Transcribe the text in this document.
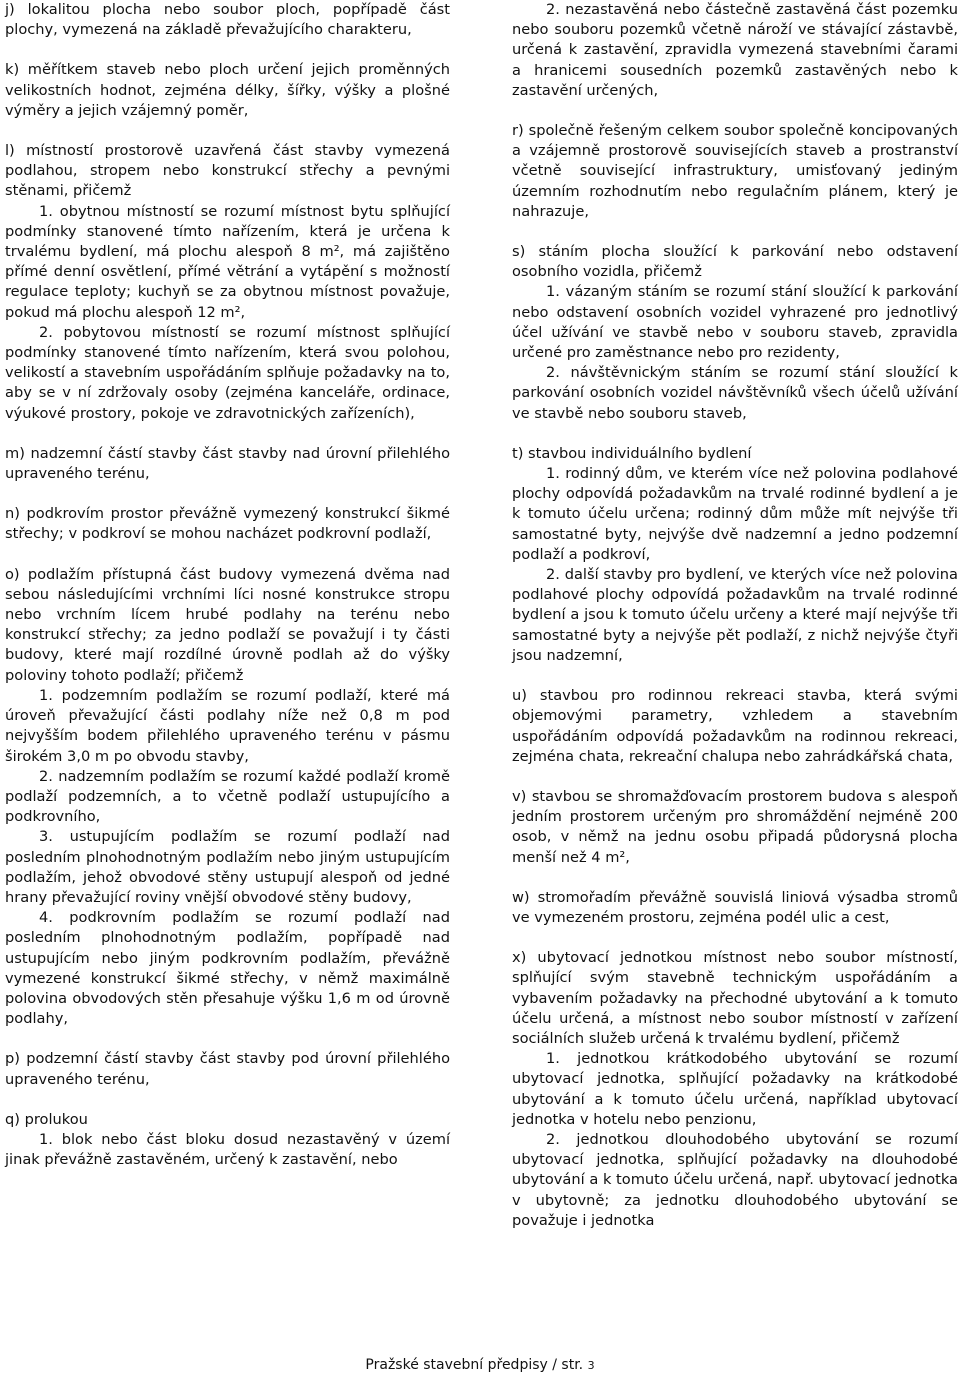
j) lokalitou plocha nebo soubor ploch, popřípadě část plochy, vymezená na základě převažujícího charakteru,

k) měřítkem staveb nebo ploch určení jejich proměnných velikostních hodnot, zejména délky, šířky, výšky a plošné výměry a jejich vzájemný poměr,

l) místností prostorově uzavřená část stavby vymezená podlahou, stropem nebo konstrukcí střechy a pevnými stěnami, přičemž

1. obytnou místností se rozumí místnost bytu splňující podmínky stanovené tímto nařízením, která je určena k trvalému bydlení, má plochu alespoň 8 m², má zajištěno přímé denní osvětlení, přímé větrání a vytápění s možností regulace teploty; kuchyň se za obytnou místnost považuje, pokud má plochu alespoň 12 m²,

2. pobytovou místností se rozumí místnost splňující podmínky stanovené tímto nařízením, která svou polohou, velikostí a stavebním uspořádáním splňuje požadavky na to, aby se v ní zdržovaly osoby (zejména kanceláře, ordinace, výukové prostory, pokoje ve zdravotnických zařízeních),

m) nadzemní částí stavby část stavby nad úrovní přilehlého upraveného terénu,

n) podkrovím prostor převážně vymezený konstrukcí šikmé střechy; v podkroví se mohou nacházet podkrovní podlaží,

o) podlažím přístupná část budovy vymezená dvěma nad sebou následujícími vrchními líci nosné konstrukce stropu nebo vrchním lícem hrubé podlahy na terénu nebo konstrukcí střechy; za jedno podlaží se považují i ty části budovy, které mají rozdílné úrovně podlah až do výšky poloviny tohoto podlaží; přičemž

1. podzemním podlažím se rozumí podlaží, které má úroveň převažující části podlahy níže než 0,8 m pod nejvyšším bodem přilehlého upraveného terénu v pásmu širokém 3,0 m po obvodu stavby,

2. nadzemním podlažím se rozumí každé podlaží kromě podlaží podzemních, a to včetně podlaží ustupujícího a podkrovního,

3. ustupujícím podlažím se rozumí podlaží nad posledním plnohodnotným podlažím nebo jiným ustupujícím podlažím, jehož obvodové stěny ustupují alespoň od jedné hrany převažující roviny vnější obvodové stěny budovy,

4. podkrovním podlažím se rozumí podlaží nad posledním plnohodnotným podlažím, popřípadě nad ustupujícím nebo jiným podkrovním podlažím, převážně vymezené konstrukcí šikmé střechy, v němž maximálně polovina obvodových stěn přesahuje výšku 1,6 m od úrovně podlahy,

p) podzemní částí stavby část stavby pod úrovní přilehlého upraveného terénu,

q) prolukou

1. blok nebo část bloku dosud nezastavěný v území jinak převážně zastavěném, určený k zastavění, nebo

2. nezastavěná nebo částečně zastavěná část pozemku nebo souboru pozemků včetně nároží ve stávající zástavbě, určená k zastavění, zpravidla vymezená stavebními čarami a hranicemi sousedních pozemků zastavěných nebo k zastavění určených,

r) společně řešeným celkem soubor společně koncipovaných a vzájemně prostorově souvisejících staveb a prostranství včetně související infrastruktury, umisťovaný jediným územním rozhodnutím nebo regulačním plánem, který je nahrazuje,

s) stáním plocha sloužící k parkování nebo odstavení osobního vozidla, přičemž

1. vázaným stáním se rozumí stání sloužící k parkování nebo odstavení osobních vozidel vyhrazené pro jednotlivý účel užívání ve stavbě nebo v souboru staveb, zpravidla určené pro zaměstnance nebo pro rezidenty,

2. návštěvnickým stáním se rozumí stání sloužící k parkování osobních vozidel návštěvníků všech účelů užívání ve stavbě nebo souboru staveb,

t) stavbou individuálního bydlení

1. rodinný dům, ve kterém více než polovina podlahové plochy odpovídá požadavkům na trvalé rodinné bydlení a je k tomuto účelu určena; rodinný dům může mít nejvýše tři samostatné byty, nejvýše dvě nadzemní a jedno podzemní podlaží a podkroví,

2. další stavby pro bydlení, ve kterých více než polovina podlahové plochy odpovídá požadavkům na trvalé rodinné bydlení a jsou k tomuto účelu určeny a které mají nejvýše tři samostatné byty a nejvýše pět podlaží, z nichž nejvýše čtyři jsou nadzemní,

u) stavbou pro rodinnou rekreaci stavba, která svými objemovými parametry, vzhledem a stavebním uspořádáním odpovídá požadavkům na rodinnou rekreaci, zejména chata, rekreační chalupa nebo zahrádkářská chata,

v) stavbou se shromažďovacím prostorem budova s alespoň jedním prostorem určeným pro shromáždění nejméně 200 osob, v němž na jednu osobu připadá půdorysná plocha menší než 4 m²,

w) stromořadím převážně souvislá liniová výsadba stromů ve vymezeném prostoru, zejména podél ulic a cest,

x) ubytovací jednotkou místnost nebo soubor místností, splňující svým stavebně technickým uspořádáním a vybavením požadavky na přechodné ubytování a k tomuto účelu určená, a místnost nebo soubor místností v zařízení sociálních služeb určená k trvalému bydlení, přičemž

1. jednotkou krátkodobého ubytování se rozumí ubytovací jednotka, splňující požadavky na krátkodobé ubytování a k tomuto účelu určená, například ubytovací jednotka v hotelu nebo penzionu,

2. jednotkou dlouhodobého ubytování se rozumí ubytovací jednotka, splňující požadavky na dlouhodobé ubytování a k tomuto účelu určená, např. ubytovací jednotka v ubytovně; za jednotku dlouhodobého ubytování se považuje i jednotka

Pražské stavební předpisy / str. 3
